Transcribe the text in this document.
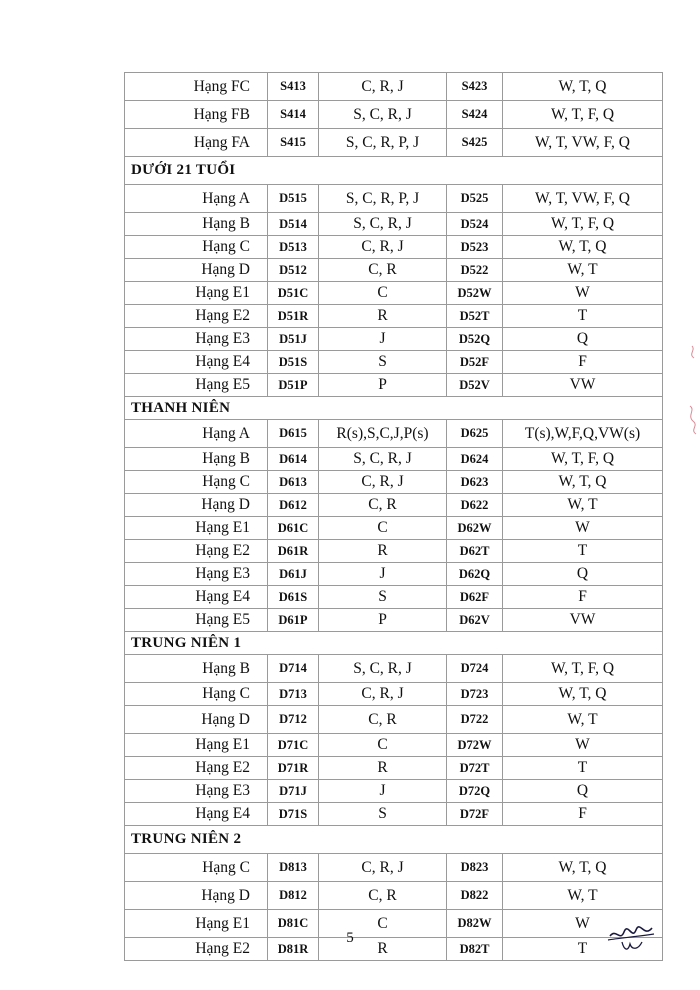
Hạng FC	S413	C, R, J	S423	W, T, Q
Hạng FB	S414	S, C, R, J	S424	W, T, F, Q
Hạng FA	S415	S, C, R, P, J	S425	W, T, VW, F, Q
DƯỚI 21 TUỔI				
Hạng A	D515	S, C, R, P, J	D525	W, T, VW, F, Q
Hạng B	D514	S, C, R, J	D524	W, T, F, Q
Hạng C	D513	C, R, J	D523	W, T, Q
Hạng D	D512	C, R	D522	W, T
Hạng E1	D51C	C	D52W	W
Hạng E2	D51R	R	D52T	T
Hạng E3	D51J	J	D52Q	Q
Hạng E4	D51S	S	D52F	F
Hạng E5	D51P	P	D52V	VW
THANH NIÊN				
Hạng A	D615	R(s),S,C,J,P(s)	D625	T(s),W,F,Q,VW(s)
Hạng B	D614	S, C, R, J	D624	W, T, F, Q
Hạng C	D613	C, R, J	D623	W, T, Q
Hạng D	D612	C, R	D622	W, T
Hạng E1	D61C	C	D62W	W
Hạng E2	D61R	R	D62T	T
Hạng E3	D61J	J	D62Q	Q
Hạng E4	D61S	S	D62F	F
Hạng E5	D61P	P	D62V	VW
TRUNG NIÊN 1				
Hạng B	D714	S, C, R, J	D724	W, T, F, Q
Hạng C	D713	C, R, J	D723	W, T, Q
Hạng D	D712	C, R	D722	W, T
Hạng E1	D71C	C	D72W	W
Hạng E2	D71R	R	D72T	T
Hạng E3	D71J	J	D72Q	Q
Hạng E4	D71S	S	D72F	F
TRUNG NIÊN 2				
Hạng C	D813	C, R, J	D823	W, T, Q
Hạng D	D812	C, R	D822	W, T
Hạng E1	D81C	C	D82W	W
Hạng E2	D81R	R	D82T	T
5
